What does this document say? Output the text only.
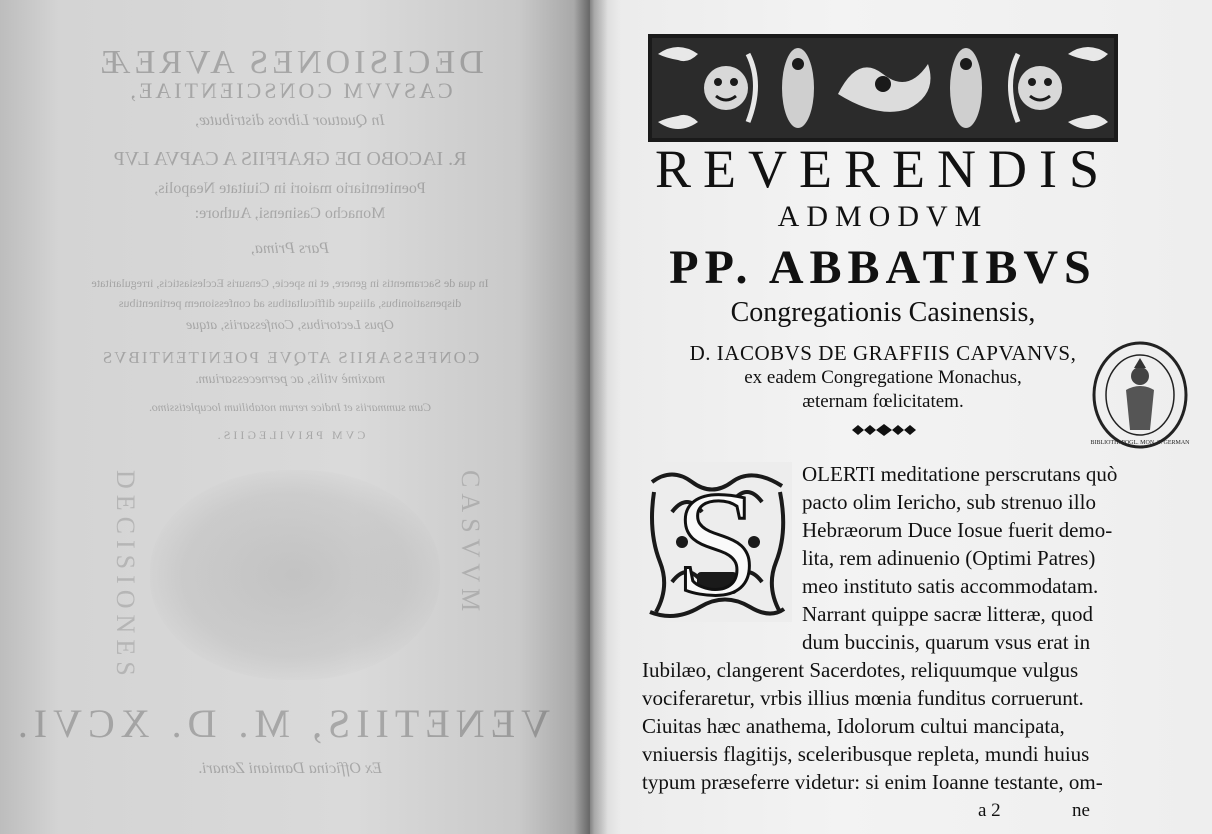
DECISIONES AVREÆ
CASVVM CONSCIENTIAE,
In Quatuor Libros distributæ,
R. IACOBO DE GRAFFIIS A CAPVA LVP
Poenitentiario maiori in Ciuitate Neapolis,
Monacho Casinensi, Authore:
Pars Prima,
In qua de Sacramentis in genere, et in specie, Censuris Ecclesiasticis, irregularitate
dispensationibus, aliisque difficultatibus ad confessionem pertinentibus
Opus Lectoribus, Confessariis, atque
CONFESSARIIS ATQVE POENITENTIBVS
maximè vtilis, ac pernecessarium.
Cum summariis et Indice rerum notabilium locupletissimo.
CVM PRIVILEGIIS.
DECISIONES	CASVVM
VENETIIS, M. D. XCVI.
Ex Officina Damiani Zenari.
REVERENDIS
ADMODVM
PP. ABBATIBVS
Congregationis Casinensis,
D. IACOBVS DE GRAFFIIS CAPVANVS,
ex eadem Congregatione Monachus,
æternam fœlicitatem.
S OLERTI meditatione perscrutans quò
pacto olim Iericho, sub strenuo illo
Hebræorum Duce Iosue fuerit demo-
lita, rem adinuenio (Optimi Patres)
meo instituto satis accommodatam.
Narrant quippe sacræ litteræ, quod
dum buccinis, quarum vsus erat in
Iubilæo, clangerent Sacerdotes, reliquumque vulgus
vociferaretur, vrbis illius mœnia funditus corruerunt.
Ciuitas hæc anathema, Idolorum cultui mancipata,
vniuersis flagitijs, sceleribusque repleta, mundi huius
typum præseferre videtur: si enim Ioanne testante, om-
a 2	ne
BIBLIOTH. POGL. MON. S. GERMAN
